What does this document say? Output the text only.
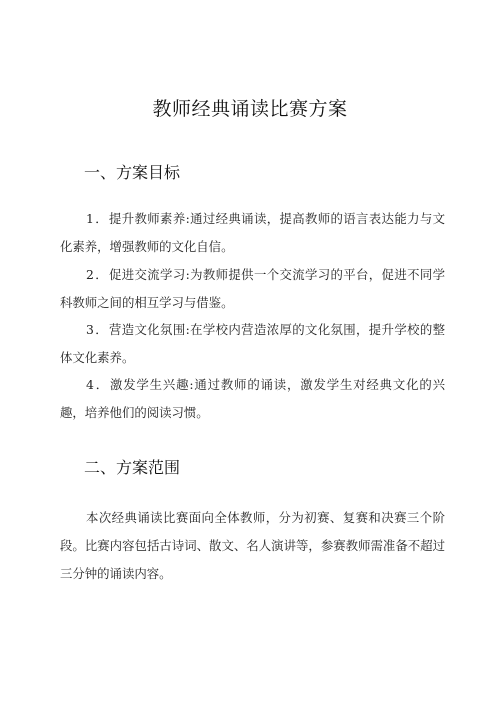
教师经典诵读比赛方案
一、方案目标

1．提升教师素养:通过经典诵读，提高教师的语言表达能力与文化素养，增强教师的文化自信。

2．促进交流学习:为教师提供一个交流学习的平台，促进不同学科教师之间的相互学习与借鉴。

3．营造文化氛围:在学校内营造浓厚的文化氛围，提升学校的整体文化素养。

4．激发学生兴趣:通过教师的诵读，激发学生对经典文化的兴趣，培养他们的阅读习惯。

二、方案范围

本次经典诵读比赛面向全体教师，分为初赛、复赛和决赛三个阶段。比赛内容包括古诗词、散文、名人演讲等，参赛教师需准备不超过三分钟的诵读内容。
